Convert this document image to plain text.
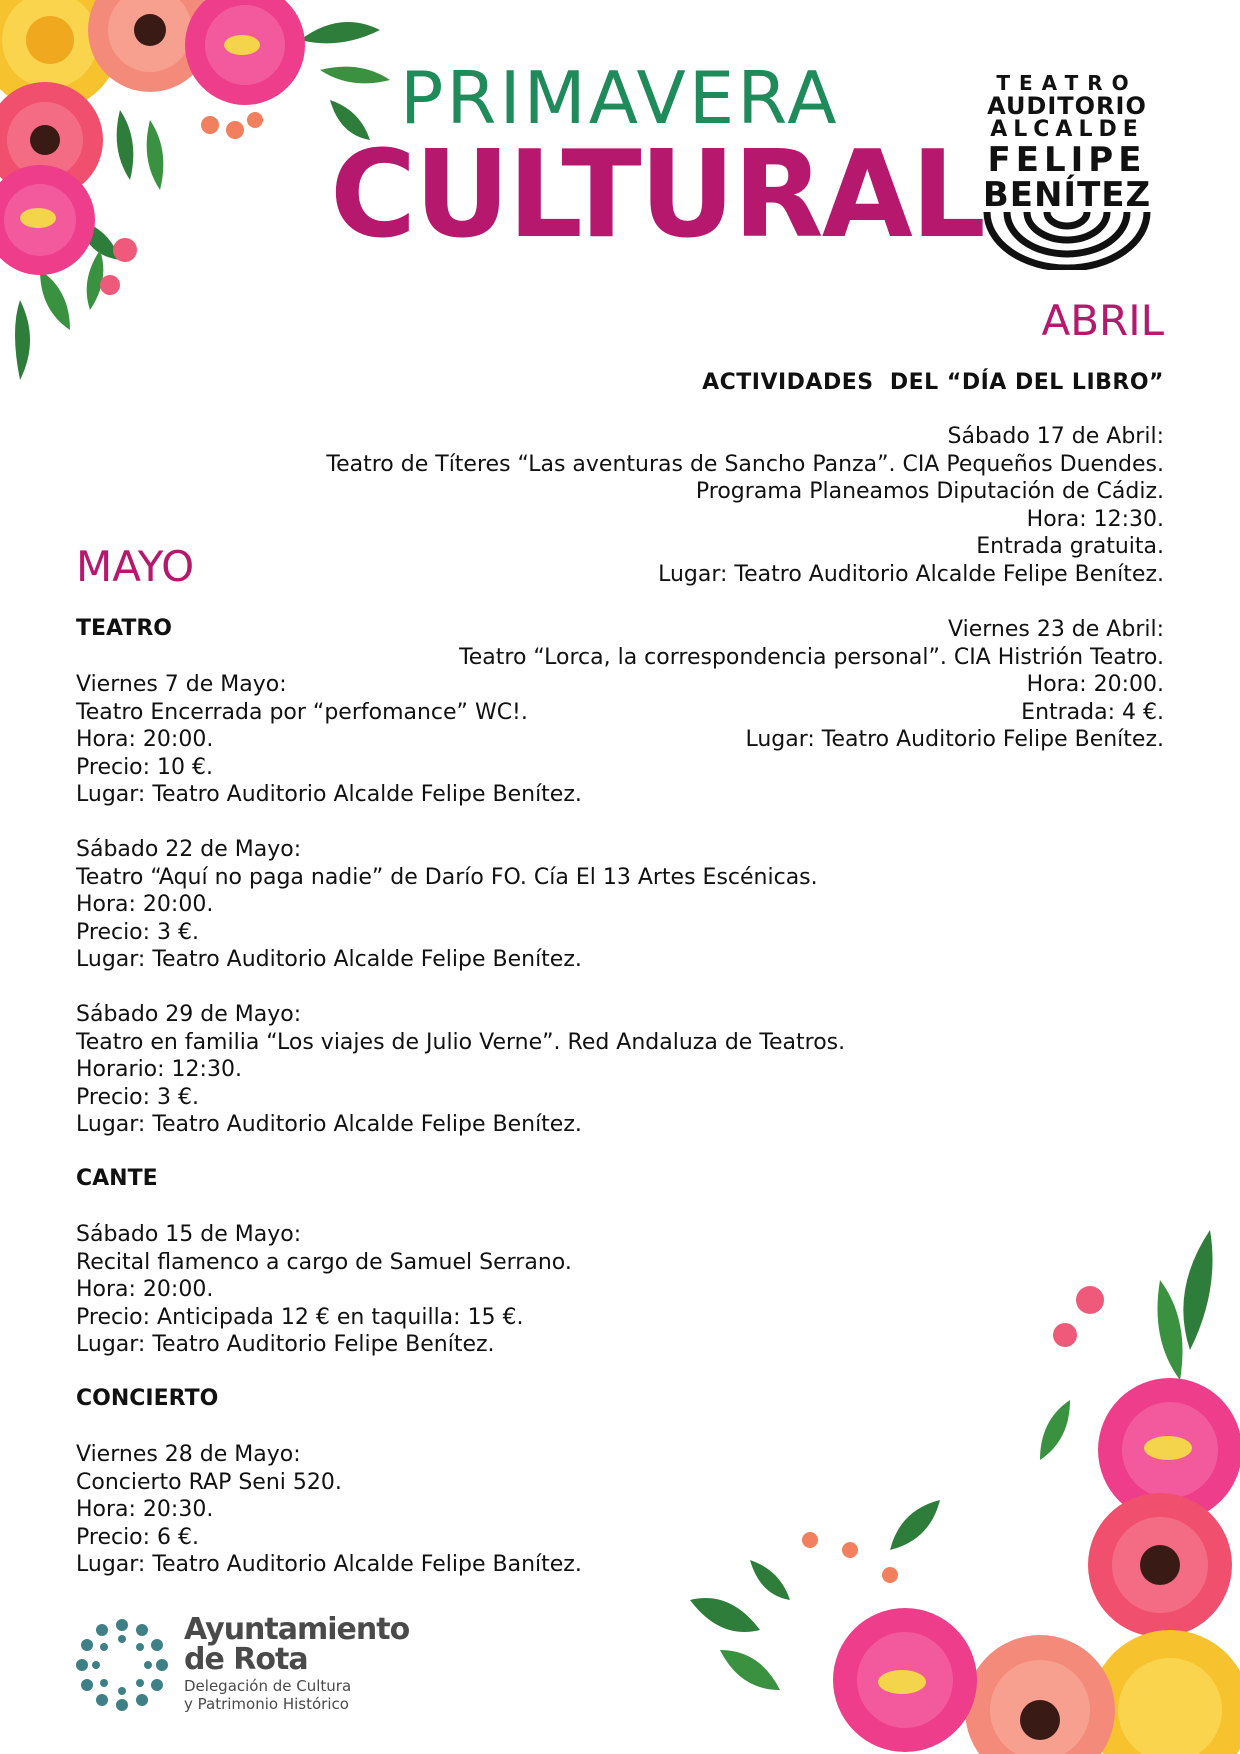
PRIMAVERA
CULTURAL
TEATRO
AUDITORIO
ALCALDE
FELIPE
BENÍTEZ
ABRIL
ACTIVIDADES  DEL “DÍA DEL LIBRO”
Sábado 17 de Abril:
Teatro de Títeres “Las aventuras de Sancho Panza”. CIA Pequeños Duendes.
Programa Planeamos Diputación de Cádiz.
Hora: 12:30.
Entrada gratuita.
Lugar: Teatro Auditorio Alcalde Felipe Benítez.
Viernes 23 de Abril:
Teatro “Lorca, la correspondencia personal”. CIA Histrión Teatro.
Hora: 20:00.
Entrada: 4 €.
Lugar: Teatro Auditorio Felipe Benítez.
MAYO
TEATRO
Viernes 7 de Mayo:
Teatro Encerrada por “perfomance” WC!.
Hora: 20:00.
Precio: 10 €.
Lugar: Teatro Auditorio Alcalde Felipe Benítez.
Sábado 22 de Mayo:
Teatro “Aquí no paga nadie” de Darío FO. Cía El 13 Artes Escénicas.
Hora: 20:00.
Precio: 3 €.
Lugar: Teatro Auditorio Alcalde Felipe Benítez.
Sábado 29 de Mayo:
Teatro en familia “Los viajes de Julio Verne”. Red Andaluza de Teatros.
Horario: 12:30.
Precio: 3 €.
Lugar: Teatro Auditorio Alcalde Felipe Benítez.
CANTE
Sábado 15 de Mayo:
Recital flamenco a cargo de Samuel Serrano.
Hora: 20:00.
Precio: Anticipada 12 € en taquilla: 15 €.
Lugar: Teatro Auditorio Felipe Benítez.
CONCIERTO
Viernes 28 de Mayo:
Concierto RAP Seni 520.
Hora: 20:30.
Precio: 6 €.
Lugar: Teatro Auditorio Alcalde Felipe Banítez.
Ayuntamiento
de Rota
Delegación de Cultura
y Patrimonio Histórico
